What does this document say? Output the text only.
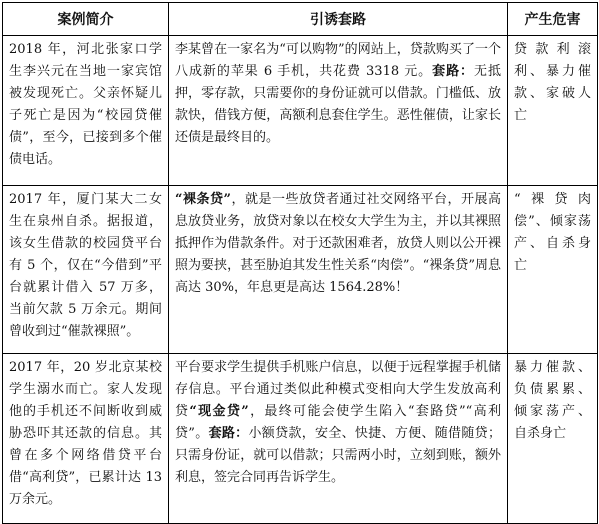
案例简介	引诱套路	产生危害
2018 年，河北张家口学生李兴元在当地一家宾馆被发现死亡。父亲怀疑儿子死亡是因为“校园贷催债”，至今，已接到多个催债电话。	李某曾在一家名为“可以购物”的网站上，贷款购买了一个八成新的苹果 6 手机，共花费 3318 元。套路：无抵押，零存款，只需要你的身份证就可以借款。门槛低、放款快，借钱方便，高额利息套住学生。恶性催债，让家长还债是最终目的。	贷款利滚利、暴力催款、家破人亡
2017 年，厦门某大二女生在泉州自杀。据报道，该女生借款的校园贷平台有 5 个，仅在“今借到”平台就累计借入 57 万多，当前欠款 5 万余元。期间曾收到过“催款裸照”。	“裸条贷”，就是一些放贷者通过社交网络平台，开展高息放贷业务，放贷对象以在校女大学生为主，并以其裸照抵押作为借款条件。对于还款困难者，放贷人则以公开裸照为要挟，甚至胁迫其发生性关系“肉偿”。“裸条贷”周息高达 30%，年息更是高达 1564.28%！	“裸贷肉偿”、倾家荡产、自杀身亡
2017 年，20 岁北京某校学生溺水而亡。家人发现他的手机还不间断收到威胁恐吓其还款的信息。其曾在多个网络借贷平台借“高利贷”，已累计达 13 万余元。	平台要求学生提供手机账户信息，以便于远程掌握手机储存信息。平台通过类似此种模式变相向大学生发放高利贷“现金贷”，最终可能会使学生陷入“套路贷”“高利贷”。套路：小额贷款，安全、快捷、方便、随借随贷；只需身份证，就可以借款；只需两小时，立刻到账，额外利息，签完合同再告诉学生。	暴力催款、负债累累、倾家荡产、自杀身亡
